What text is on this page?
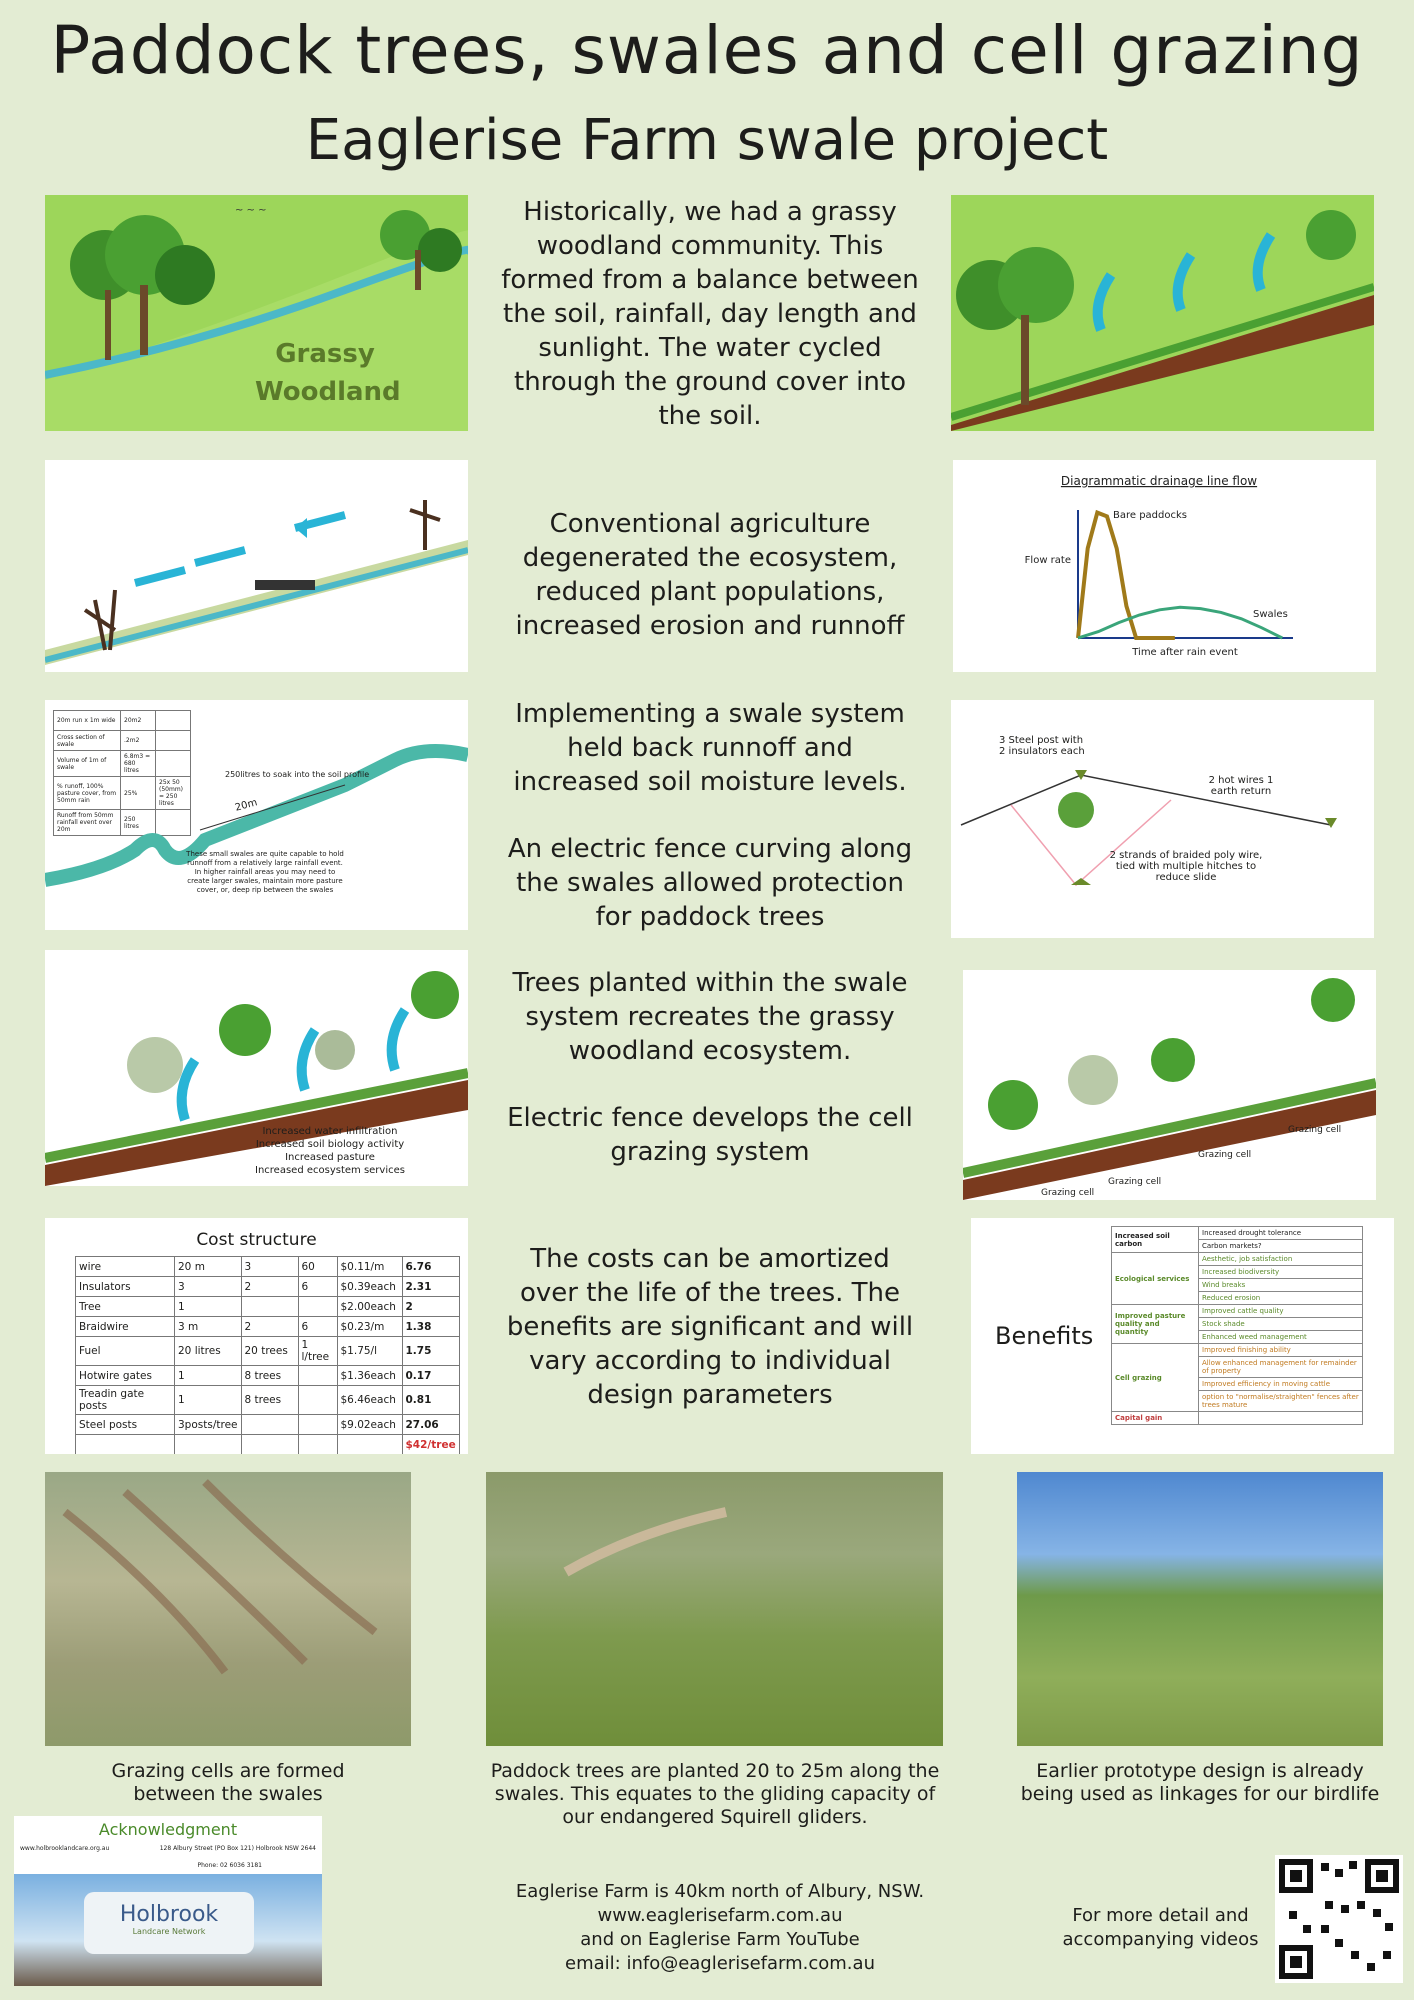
Paddock trees, swales and cell grazing
Eaglerise Farm swale project
~ ~ ~
Grassy
Woodland
Historically, we had a grassy woodland community. This formed from a balance between the soil, rainfall, day length and sunlight. The water cycled through the ground cover into the soil.
Conventional agriculture degenerated the ecosystem, reduced plant populations, increased erosion and runnoff
Diagrammatic drainage line flow
Flow rate
Time after rain event
Bare paddocks
Swales
20m run x 1m wide	20m2	
Cross section of swale	.2m2	
Volume of 1m of swale	6.8m3 = 680 litres	
% runoff, 100% pasture cover, from 50mm rain	25%	25x 50 (50mm) = 250 litres
Runoff from 50mm rainfall event over 20m	250 litres	
250litres to soak into the soil profile
20m
These small swales are quite capable to hold runnoff from a relatively large rainfall event. In higher rainfall areas you may need to create larger swales, maintain more pasture cover, or, deep rip between the swales
Implementing a swale system held back runnoff and increased soil moisture levels.
An electric fence curving along the swales allowed protection for paddock trees
3 Steel post with 2 insulators each
2 hot wires 1 earth return
2 strands of braided poly wire, tied with multiple hitches to reduce slide
Increased water infiltration
Increased soil biology activity
Increased pasture
Increased ecosystem services
Trees planted within the swale system recreates the grassy woodland ecosystem.
Electric fence develops the cell grazing system
Grazing cell
Grazing cell
Grazing cell
Grazing cell
Cost structure
wire	20 m	3	60	$0.11/m	6.76
Insulators	3	2	6	$0.39each	2.31
Tree	1			$2.00each	2
Braidwire	3 m	2	6	$0.23/m	1.38
Fuel	20 litres	20 trees	1 l/tree	$1.75/l	1.75
Hotwire gates	1	8 trees		$1.36each	0.17
Treadin gate posts	1	8 trees		$6.46each	0.81
Steel posts	3posts/tree			$9.02each	27.06
					$42/tree
The costs can be amortized over the life of the trees. The benefits are significant and will vary according to individual design parameters
Benefits
Increased soil carbon	Increased drought tolerance
	Carbon markets?
Ecological services	Aesthetic, job satisfaction
	Increased biodiversity
	Wind breaks
	Reduced erosion
Improved pasture quality and quantity	Improved cattle quality
	Stock shade
	Enhanced weed management
Cell grazing	Improved finishing ability
	Allow enhanced management for remainder of property
	Improved efficiency in moving cattle
	option to "normalise/straighten" fences after trees mature
Capital gain	
Grazing cells are formed between the swales
Paddock trees are planted 20 to 25m along the swales. This equates to the gliding capacity of our endangered Squirell gliders.
Earlier prototype design is already being used as linkages for our birdlife
Acknowledgment
www.holbrooklandcare.org.au	128 Albury Street (PO Box 121) Holbrook NSW 2644
Phone: 02 6036 3181
Holbrook
Landcare Network
Eaglerise Farm is 40km north of Albury, NSW.
www.eaglerisefarm.com.au
and on Eaglerise Farm YouTube
email: info@eaglerisefarm.com.au
For more detail and accompanying videos
